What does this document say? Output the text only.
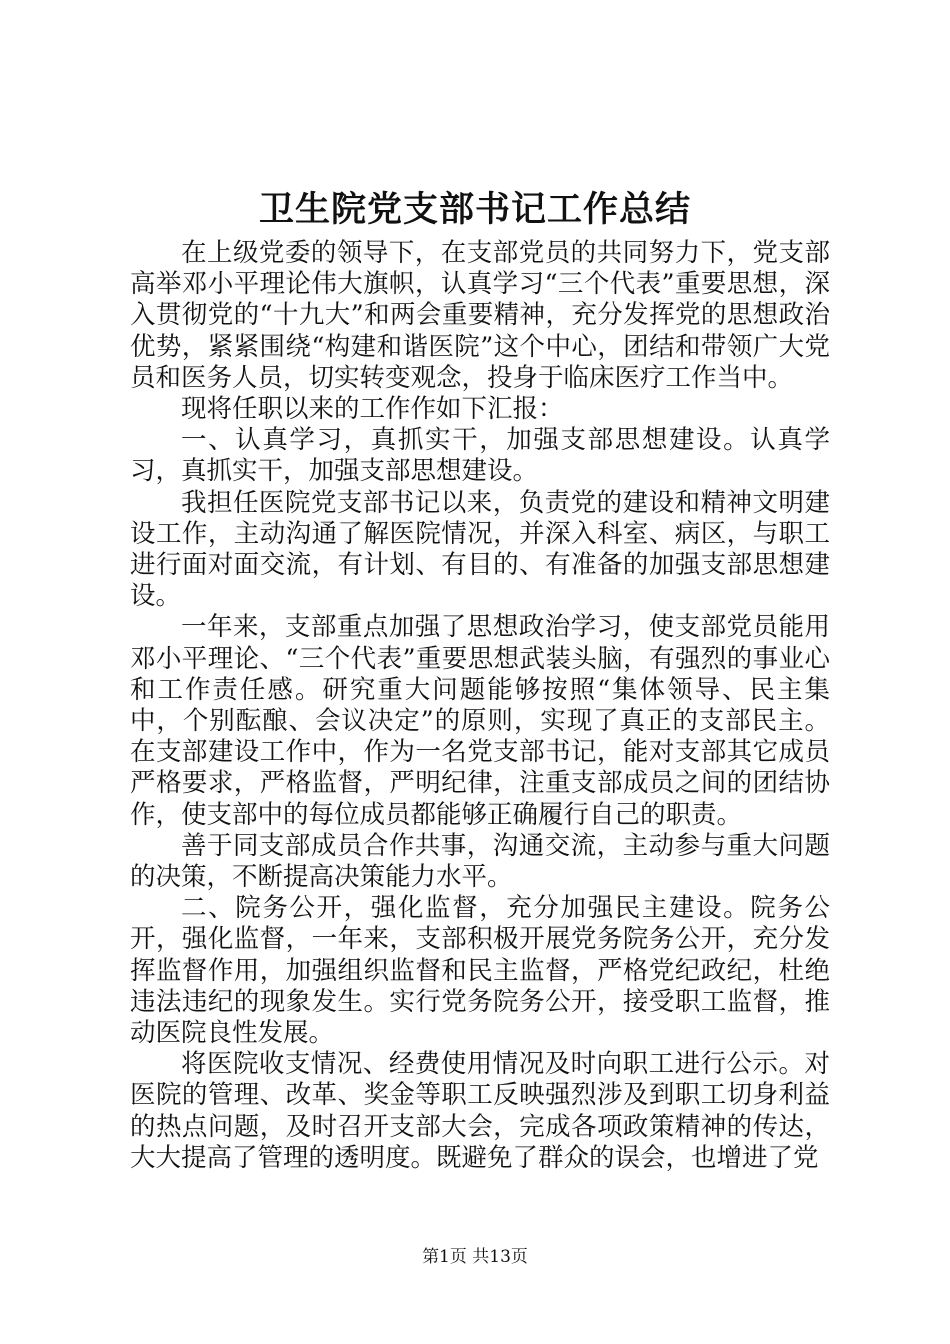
卫生院党支部书记工作总结

在上级党委的领导下，在支部党员的共同努力下，党支部高举邓小平理论伟大旗帜，认真学习“三个代表”重要思想，深入贯彻党的“十九大”和两会重要精神，充分发挥党的思想政治优势，紧紧围绕“构建和谐医院”这个中心，团结和带领广大党员和医务人员，切实转变观念，投身于临床医疗工作当中。

现将任职以来的工作作如下汇报：

一、认真学习，真抓实干，加强支部思想建设。认真学习，真抓实干，加强支部思想建设。

我担任医院党支部书记以来，负责党的建设和精神文明建设工作，主动沟通了解医院情况，并深入科室、病区，与职工进行面对面交流，有计划、有目的、有准备的加强支部思想建设。

一年来，支部重点加强了思想政治学习，使支部党员能用邓小平理论、“三个代表”重要思想武装头脑，有强烈的事业心和工作责任感。研究重大问题能够按照“集体领导、民主集中，个别酝酿、会议决定”的原则，实现了真正的支部民主。在支部建设工作中，作为一名党支部书记，能对支部其它成员严格要求，严格监督，严明纪律，注重支部成员之间的团结协作，使支部中的每位成员都能够正确履行自己的职责。

善于同支部成员合作共事，沟通交流，主动参与重大问题的决策，不断提高决策能力水平。

二、院务公开，强化监督，充分加强民主建设。院务公开，强化监督，一年来，支部积极开展党务院务公开，充分发挥监督作用，加强组织监督和民主监督，严格党纪政纪，杜绝违法违纪的现象发生。实行党务院务公开，接受职工监督，推动医院良性发展。

将医院收支情况、经费使用情况及时向职工进行公示。对医院的管理、改革、奖金等职工反映强烈涉及到职工切身利益的热点问题，及时召开支部大会，完成各项政策精神的传达，大大提高了管理的透明度。既避免了群众的误会，也增进了党

第1页 共13页
